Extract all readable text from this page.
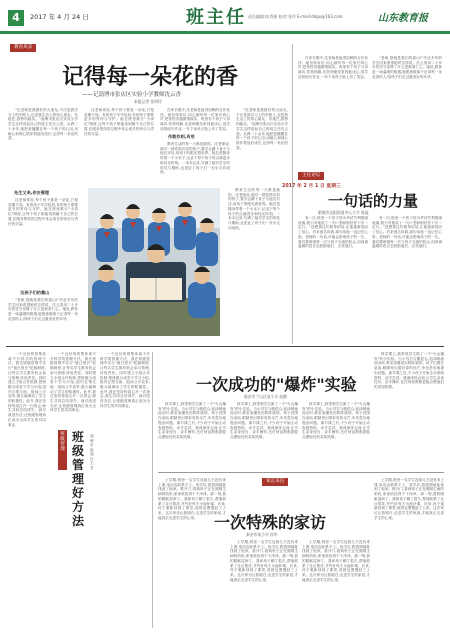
4	2017 年 4 月 24 日	班主任 责任编辑:陈秀娟 校对:张玲 E-mail:ddgx@163.com	山东教育报
教育风采
记得每一朵花的香
——记淄博市张店区实验小学教师沈云香
本报记者 张明玲

"沈老师是我最好的大朋友,不仅是我学习上的引路人,也是我生活上的知心朋友。有她在,我特别踏实。"淄博市张店区实验小学学生这样说起自己的班主任沈云香。从教二十余年,她把爱播撒在每一个孩子的心田,用耐心和细心陪伴着他们成长,记得每一朵花的香。

先生又来,你去管理

沈老师常说,每个孩子都是一朵花,只是花期不同。有的孩子早早绽放,有的孩子需要更多的等待与守护。她在班里推行"小岗位"制度,让每个孩子都能找到属于自己的位置,在服务集体的过程中体会成长的快乐与责任的分量。

当孩子们的靠山

"老师,您就是我们的靠山!"毕业多年的学生回来看望她时这样说。沈云香用二十多年的坚守诠释了什么是师者仁心。她说,教育是一场温暖的相遇,她愿意做那个记得每一朵花香的人,陪孩子们走过最美好的年华。

沈老师常说,每个孩子都是一朵花,只是花期不同。有的孩子早早绽放,有的孩子需要更多的等待与守护。她在班里推行"小岗位"制度,让每个孩子都能找到属于自己的位置,在服务集体的过程中体会成长的快乐与责任的分量。

在家长眼中,沈老师是值得信赖的合作伙伴。她坚持家访,用心倾听每一位家长的心声,把家校沟通做细做实。班里有个孩子父母离异,性格孤僻,沈老师便经常找他谈心,放学后陪他写作业,一年下来孩子脸上有了笑容。

作敢作则,有用

教育生活的每一天都是新的。沈老师说,面对一群性格各异的孩子,要学会蹲下身子与他们对话,用孩子的眼光看世界。她总是随身带着一个小本子,记录下每个孩子的点滴进步和闪光时刻。一本本记录,写满了她对学生的牵挂与期盼,也见证了孩子们一步步走向成熟。

"沈老师是我最好的大朋友,不仅是我学习上的引路人,也是我生活上的知心朋友。有她在,我特别踏实。"淄博市张店区实验小学学生这样说起自己的班主任沈云香。从教二十余年,她把爱播撒在每一个孩子的心田,用耐心和细心陪伴着他们成长,记得每一朵花的香。

教育生活的每一天都是新的。沈老师说,面对一群性格各异的孩子,要学会蹲下身子与他们对话,用孩子的眼光看世界。她总是随身带着一个小本子,记录下每个孩子的点滴进步和闪光时刻。一本本记录,写满了她对学生的牵挂与期盼,也见证了孩子们一步步走向成熟。

在家长眼中,沈老师是值得信赖的合作伙伴。她坚持家访,用心倾听每一位家长的心声,把家校沟通做细做实。班里有个孩子父母离异,性格孤僻,沈老师便经常找他谈心,放学后陪他写作业,一年下来孩子脸上有了笑容。

"老师,您就是我们的靠山!"毕业多年的学生回来看望她时这样说。沈云香用二十多年的坚守诠释了什么是师者仁心。她说,教育是一场温暖的相遇,她愿意做那个记得每一朵花香的人,陪孩子们走过最美好的年华。

2017 年 2 月 1 日 星期三
一句话的力量
肥城市仪阳街道中心小学 陈磊

有一次,班里一个孩子因为考试失利情绪低落,我只对他说了一句:"老师相信你下次一定行。"没想到这句简单的话,让他重新找回了信心。后来他告诉我,那句话他一直记在心里。老师的一句话,可能会影响孩子的一生。我们要珍惜每一次与孩子交流的机会,用真诚温暖的语言去鼓励他们、点亮他们。

有一次,班里一个孩子因为考试失利情绪低落,我只对他说了一句:"老师相信你下次一定行。"没想到这句简单的话,让他重新找回了信心。后来他告诉我,那句话他一直记在心里。老师的一句话,可能会影响孩子的一生。我们要珍惜每一次与孩子交流的机会,用真诚温暖的语言去鼓励他们、点亮他们。

主任论坛

一个良好的班集体离不开科学的管理方法。我在班级管理中实行"值日班长"轮换制度,让每名学生都有机会参与管理,体验责任。同时建立小组合作机制,把班级分成若干学习小组,组内互帮互助、组间公平竞争,极大地调动了学生的积极性。此外,我还坚持每周召开一次班会,师生共同总结得失、商讨改进办法,让班级管理真正成为全体学生的共同事业。

班级管理
班级管理好方法

一个良好的班集体离不开科学的管理方法。我在班级管理中实行"值日班长"轮换制度,让每名学生都有机会参与管理,体验责任。同时建立小组合作机制,把班级分成若干学习小组,组内互帮互助、组间公平竞争,极大地调动了学生的积极性。此外,我还坚持每周召开一次班会,师生共同总结得失、商讨改进办法,让班级管理真正成为全体学生的共同事业。

一个良好的班集体离不开科学的管理方法。我在班级管理中实行"值日班长"轮换制度,让每名学生都有机会参与管理,体验责任。同时建立小组合作机制,把班级分成若干学习小组,组内互帮互助、组间公平竞争,极大地调动了学生的积极性。此外,我还坚持每周召开一次班会,师生共同总结得失、商讨改进办法,让班级管理真正成为全体学生的共同事业。

淄博市临淄区 王芳
一次成功的"爆炸"实验
临沂市兰山区某小学 赵静

科学课上,我带领学生做了一个"火山爆发"的小实验。当小苏打与醋混合,泡沫喷涌而出时,教室里爆发出阵阵欢呼。孩子们围在桌前,眼睛里闪着好奇的光芒,争先恐后地提出问题。那节课之后,不少孩子开始主动查阅资料、动手尝试。我深深体会到,让学生亲身经历、亲手操作,比任何说教都更能点燃他们的求知热情。

科学课上,我带领学生做了一个"火山爆发"的小实验。当小苏打与醋混合,泡沫喷涌而出时,教室里爆发出阵阵欢呼。孩子们围在桌前,眼睛里闪着好奇的光芒,争先恐后地提出问题。那节课之后,不少孩子开始主动查阅资料、动手尝试。我深深体会到,让学生亲身经历、亲手操作,比任何说教都更能点燃他们的求知热情。

科学课上,我带领学生做了一个"火山爆发"的小实验。当小苏打与醋混合,泡沫喷涌而出时,教室里爆发出阵阵欢呼。孩子们围在桌前,眼睛里闪着好奇的光芒,争先恐后地提出问题。那节课之后,不少孩子开始主动查阅资料、动手尝试。我深深体会到,让学生亲身经历、亲手操作,比任何说教都更能点燃他们的求知热情。

科学课上,我带领学生做了一个"火山爆发"的小实验。当小苏打与醋混合,泡沫喷涌而出时,教室里爆发出阵阵欢呼。孩子们围在桌前,眼睛里闪着好奇的光芒,争先恐后地提出问题。那节课之后,不少孩子开始主动查阅资料、动手尝试。我深深体会到,让学生亲身经历、亲手操作,比任何说教都更能点燃他们的求知热情。

家长来信
一次特殊的家访
泰安市某小学 孙华

上学期,班里一名学生连续几天没有来上课,电话也联系不上。放学后,我按照地址找到了他家。推开门,看到孩子正在照顾生病的奶奶,家里收拾得干干净净。那一刻,我的眼眶湿润了。我和孩子聊了很久,帮他联系了社区帮扶,并约好每天为他补课。后来,孩子重新回到了课堂,成绩也慢慢赶了上来。这次家访让我明白,走进学生的家庭,才能真正走进学生的心里。

上学期,班里一名学生连续几天没有来上课,电话也联系不上。放学后,我按照地址找到了他家。推开门,看到孩子正在照顾生病的奶奶,家里收拾得干干净净。那一刻,我的眼眶湿润了。我和孩子聊了很久,帮他联系了社区帮扶,并约好每天为他补课。后来,孩子重新回到了课堂,成绩也慢慢赶了上来。这次家访让我明白,走进学生的家庭,才能真正走进学生的心里。

上学期,班里一名学生连续几天没有来上课,电话也联系不上。放学后,我按照地址找到了他家。推开门,看到孩子正在照顾生病的奶奶,家里收拾得干干净净。那一刻,我的眼眶湿润了。我和孩子聊了很久,帮他联系了社区帮扶,并约好每天为他补课。后来,孩子重新回到了课堂,成绩也慢慢赶了上来。这次家访让我明白,走进学生的家庭,才能真正走进学生的心里。

上学期,班里一名学生连续几天没有来上课,电话也联系不上。放学后,我按照地址找到了他家。推开门,看到孩子正在照顾生病的奶奶,家里收拾得干干净净。那一刻,我的眼眶湿润了。我和孩子聊了很久,帮他联系了社区帮扶,并约好每天为他补课。后来,孩子重新回到了课堂,成绩也慢慢赶了上来。这次家访让我明白,走进学生的家庭,才能真正走进学生的心里。
